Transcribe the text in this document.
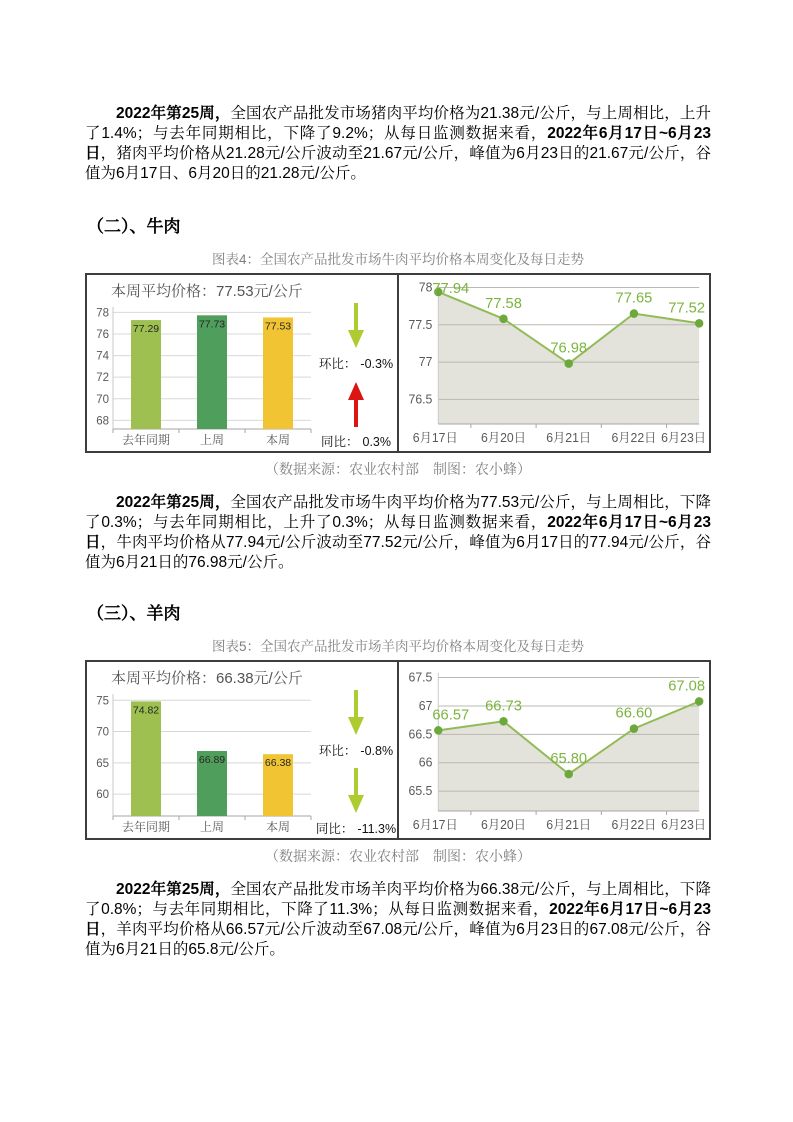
2022年第25周，全国农产品批发市场猪肉平均价格为21.38元/公斤，与上周相比，上升了1.4%；与去年同期相比，下降了9.2%；从每日监测数据来看，2022年6月17日~6月23日，猪肉平均价格从21.28元/公斤波动至21.67元/公斤，峰值为6月23日的21.67元/公斤，谷值为6月17日、6月20日的21.28元/公斤。

（二）、牛肉
图表4：全国农产品批发市场牛肉平均价格本周变化及每日走势
本周平均价格：77.53元/公斤
68
70
72
74
76
78
77.29
去年同期
77.73
上周
77.53
本周
环比： -0.3%
同比： 0.3%
76.5
77
77.5
78 77.94
6月17日
77.58
6月20日
76.98
6月21日
77.65
6月22日
77.52
6月23日
（数据来源：农业农村部　制图：农小蜂）

2022年第25周，全国农产品批发市场牛肉平均价格为77.53元/公斤，与上周相比，下降了0.3%；与去年同期相比，上升了0.3%；从每日监测数据来看，2022年6月17日~6月23日，牛肉平均价格从77.94元/公斤波动至77.52元/公斤，峰值为6月17日的77.94元/公斤，谷值为6月21日的76.98元/公斤。

（三）、羊肉
图表5：全国农产品批发市场羊肉平均价格本周变化及每日走势
本周平均价格：66.38元/公斤
60
65
70
75
74.82
去年同期
66.89
上周
66.38
本周
环比： -0.8%
同比： -11.3%
65.5
66
66.5
67
67.5
66.57
6月17日
66.73
6月20日
65.80
6月21日
66.60
6月22日
67.08
6月23日
（数据来源：农业农村部　制图：农小蜂）

2022年第25周，全国农产品批发市场羊肉平均价格为66.38元/公斤，与上周相比，下降了0.8%；与去年同期相比，下降了11.3%；从每日监测数据来看，2022年6月17日~6月23日，羊肉平均价格从66.57元/公斤波动至67.08元/公斤，峰值为6月23日的67.08元/公斤，谷值为6月21日的65.8元/公斤。
